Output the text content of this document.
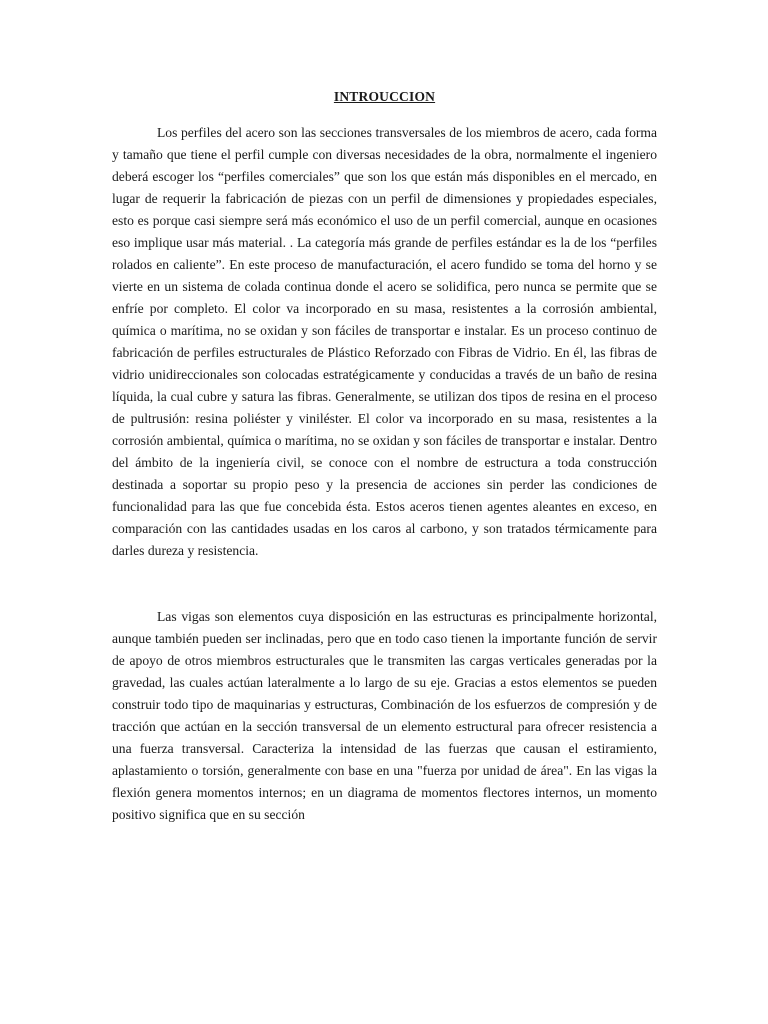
INTROUCCION

Los perfiles del acero son las secciones transversales de los miembros de acero, cada forma y tamaño que tiene el perfil cumple con diversas necesidades de la obra, normalmente el ingeniero deberá escoger los “perfiles comerciales” que son los que están más disponibles en el mercado, en lugar de requerir la fabricación de piezas con un perfil de dimensiones y propiedades especiales, esto es porque casi siempre será más económico el uso de un perfil comercial, aunque en ocasiones eso implique usar más material. . La categoría más grande de perfiles estándar es la de los “perfiles rolados en caliente”. En este proceso de manufacturación, el acero fundido se toma del horno y se vierte en un sistema de colada continua donde el acero se solidifica, pero nunca se permite que se enfríe por completo. El color va incorporado en su masa, resistentes a la corrosión ambiental, química o marítima, no se oxidan y son fáciles de transportar e instalar. Es un proceso continuo de fabricación de perfiles estructurales de Plástico Reforzado con Fibras de Vidrio. En él, las fibras de vidrio unidireccionales son colocadas estratégicamente y conducidas a través de un baño de resina líquida, la cual cubre y satura las fibras. Generalmente, se utilizan dos tipos de resina en el proceso de pultrusión: resina poliéster y viniléster. El color va incorporado en su masa, resistentes a la corrosión ambiental, química o marítima, no se oxidan y son fáciles de transportar e instalar. Dentro del ámbito de la ingeniería civil, se conoce con el nombre de estructura a toda construcción destinada a soportar su propio peso y la presencia de acciones sin perder las condiciones de funcionalidad para las que fue concebida ésta. Estos aceros tienen agentes aleantes en exceso, en comparación con las cantidades usadas en los caros al carbono, y son tratados térmicamente para darles dureza y resistencia.

Las vigas son elementos cuya disposición en las estructuras es principalmente horizontal, aunque también pueden ser inclinadas, pero que en todo caso tienen la importante función de servir de apoyo de otros miembros estructurales que le transmiten las cargas verticales generadas por la gravedad, las cuales actúan lateralmente a lo largo de su eje. Gracias a estos elementos se pueden construir todo tipo de maquinarias y estructuras, Combinación de los esfuerzos de compresión y de tracción que actúan en la sección transversal de un elemento estructural para ofrecer resistencia a una fuerza transversal. Caracteriza la intensidad de las fuerzas que causan el estiramiento, aplastamiento o torsión, generalmente con base en una "fuerza por unidad de área". En las vigas la flexión genera momentos internos; en un diagrama de momentos flectores internos, un momento positivo significa que en su sección
